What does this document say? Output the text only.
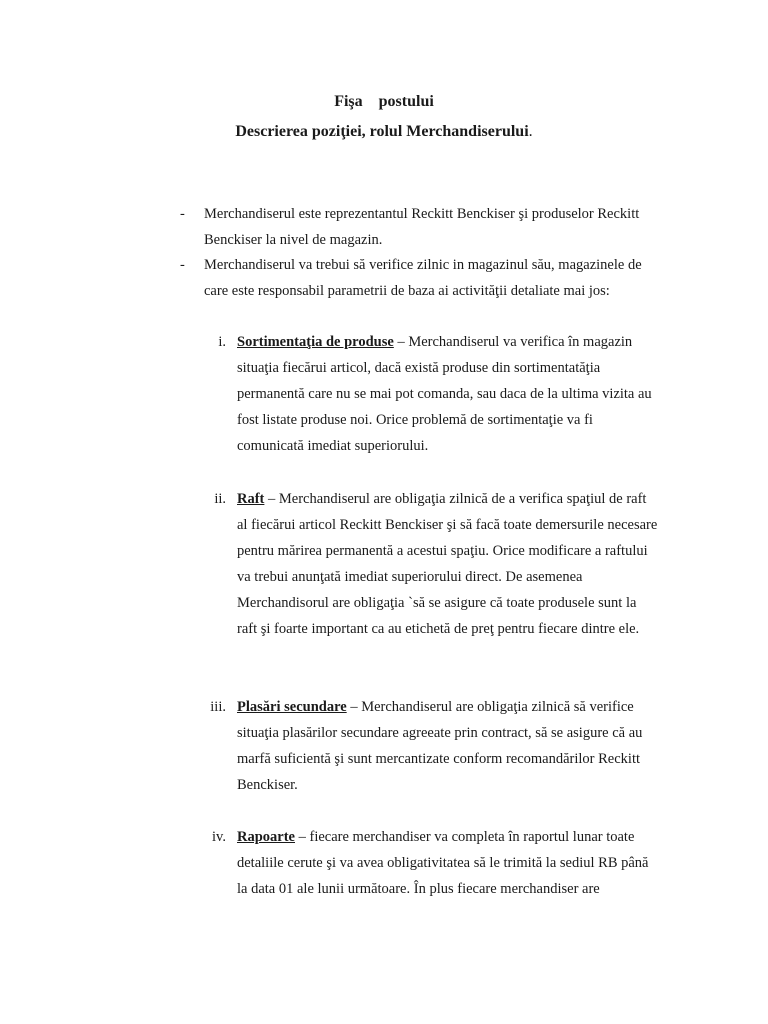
Fişa    postului
Descrierea poziţiei, rolul Merchandiserului.
- Merchandiserul este reprezentantul Reckitt Benckiser şi produselor Reckitt Benckiser la nivel de magazin.
- Merchandiserul va trebui să verifice zilnic in magazinul său, magazinele de care este responsabil parametrii de baza ai activităţii detaliate mai jos:
i. Sortimentaţia de produse – Merchandiserul va verifica în magazin situaţia fiecărui articol, dacă există produse din sortimentatăţia permanentă care nu se mai pot comanda, sau daca de la ultima vizita au fost listate produse noi. Orice problemă de sortimentaţie va fi comunicată imediat superiorului.
ii. Raft – Merchandiserul are obligaţia zilnică de a verifica spaţiul de raft al fiecărui articol Reckitt Benckiser şi să facă toate demersurile necesare pentru mărirea permanentă a acestui spaţiu. Orice modificare a raftului va trebui anunţată imediat superiorului direct. De asemenea Merchandisorul are obligaţia `să se asigure că toate produsele sunt la raft şi foarte important ca au etichetă de preţ pentru fiecare dintre ele.
iii. Plasări secundare – Merchandiserul are obligaţia zilnică să verifice situaţia plasărilor secundare agreeate prin contract, să se asigure că au marfă suficientă şi sunt mercantizate conform recomandărilor Reckitt Benckiser.
iv. Rapoarte – fiecare merchandiser va completa în raportul lunar toate detaliile cerute şi va avea obligativitatea să le trimită la sediul RB până la data 01 ale lunii următoare. În plus fiecare merchandiser are
